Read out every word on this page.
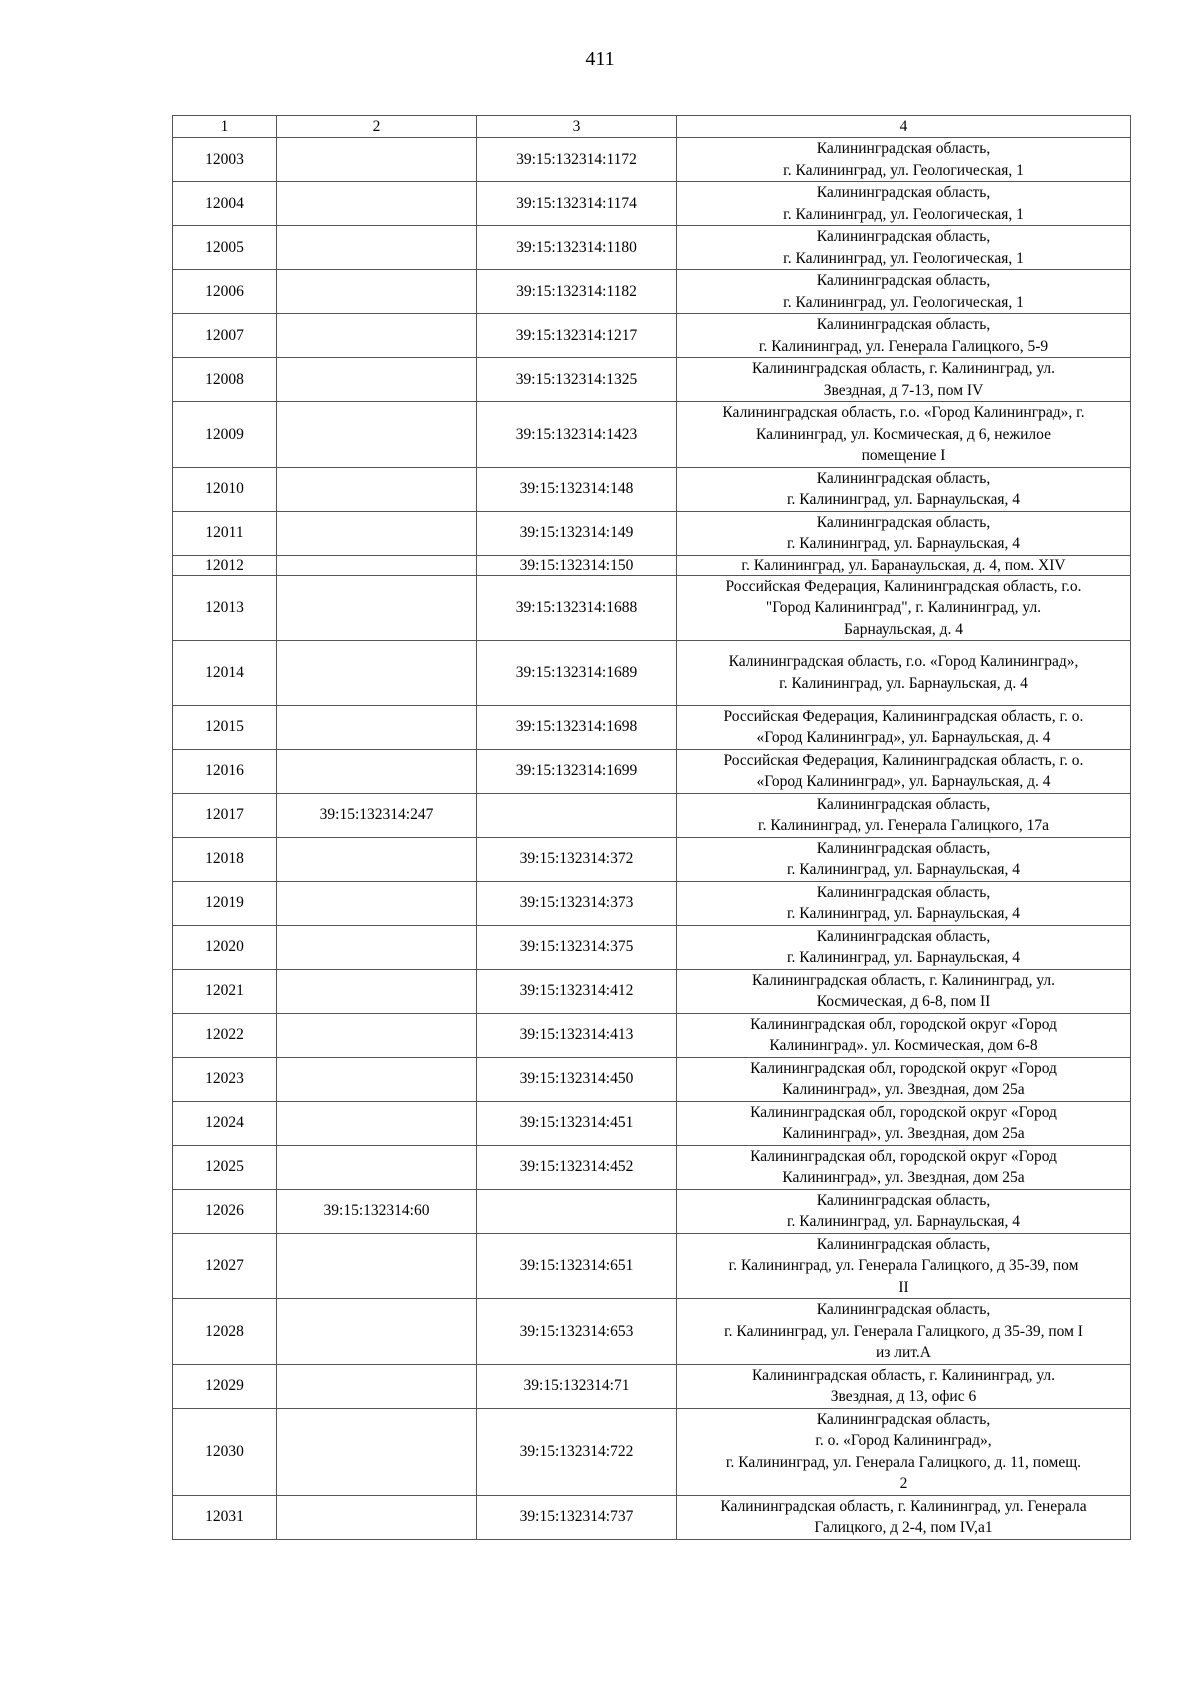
411
1	2	3	4
12003		39:15:132314:1172	Калининградская область,
г. Калининград, ул. Геологическая, 1
12004		39:15:132314:1174	Калининградская область,
г. Калининград, ул. Геологическая, 1
12005		39:15:132314:1180	Калининградская область,
г. Калининград, ул. Геологическая, 1
12006		39:15:132314:1182	Калининградская область,
г. Калининград, ул. Геологическая, 1
12007		39:15:132314:1217	Калининградская область,
г. Калининград, ул. Генерала Галицкого, 5-9
12008		39:15:132314:1325	Калининградская область, г. Калининград, ул.
Звездная, д 7-13, пом IV
12009		39:15:132314:1423	Калининградская область, г.о. «Город Калининград», г.
Калининград, ул. Космическая, д 6, нежилое
помещение I
12010		39:15:132314:148	Калининградская область,
г. Калининград, ул. Барнаульская, 4
12011		39:15:132314:149	Калининградская область,
г. Калининград, ул. Барнаульская, 4
12012		39:15:132314:150	г. Калининград, ул. Баранаульская, д. 4, пом. XIV
12013		39:15:132314:1688	Российская Федерация, Калининградская область, г.о.
"Город Калининград", г. Калининград, ул.
Барнаульская, д. 4
12014		39:15:132314:1689	Калининградская область, г.о. «Город Калининград»,
г. Калининград, ул. Барнаульская, д. 4
12015		39:15:132314:1698	Российская Федерация, Калининградская область, г. о.
«Город Калининград», ул. Барнаульская, д. 4
12016		39:15:132314:1699	Российская Федерация, Калининградская область, г. о.
«Город Калининград», ул. Барнаульская, д. 4
12017	39:15:132314:247		Калининградская область,
г. Калининград, ул. Генерала Галицкого, 17а
12018		39:15:132314:372	Калининградская область,
г. Калининград, ул. Барнаульская, 4
12019		39:15:132314:373	Калининградская область,
г. Калининград, ул. Барнаульская, 4
12020		39:15:132314:375	Калининградская область,
г. Калининград, ул. Барнаульская, 4
12021		39:15:132314:412	Калининградская область, г. Калининград, ул.
Космическая, д 6-8, пом II
12022		39:15:132314:413	Калининградская обл, городской округ «Город
Калининград». ул. Космическая, дом 6-8
12023		39:15:132314:450	Калининградская обл, городской округ «Город
Калининград», ул. Звездная, дом 25а
12024		39:15:132314:451	Калининградская обл, городской округ «Город
Калининград», ул. Звездная, дом 25а
12025		39:15:132314:452	Калининградская обл, городской округ «Город
Калининград», ул. Звездная, дом 25а
12026	39:15:132314:60		Калининградская область,
г. Калининград, ул. Барнаульская, 4
12027		39:15:132314:651	Калининградская область,
г. Калининград, ул. Генерала Галицкого, д 35-39, пом
II
12028		39:15:132314:653	Калининградская область,
г. Калининград, ул. Генерала Галицкого, д 35-39, пом I
из лит.А
12029		39:15:132314:71	Калининградская область, г. Калининград, ул.
Звездная, д 13, офис 6
12030		39:15:132314:722	Калининградская область,
г. о. «Город Калининград»,
г. Калининград, ул. Генерала Галицкого, д. 11, помещ.
2
12031		39:15:132314:737	Калининградская область, г. Калининград, ул. Генерала
Галицкого, д 2-4, пом IV,а1
